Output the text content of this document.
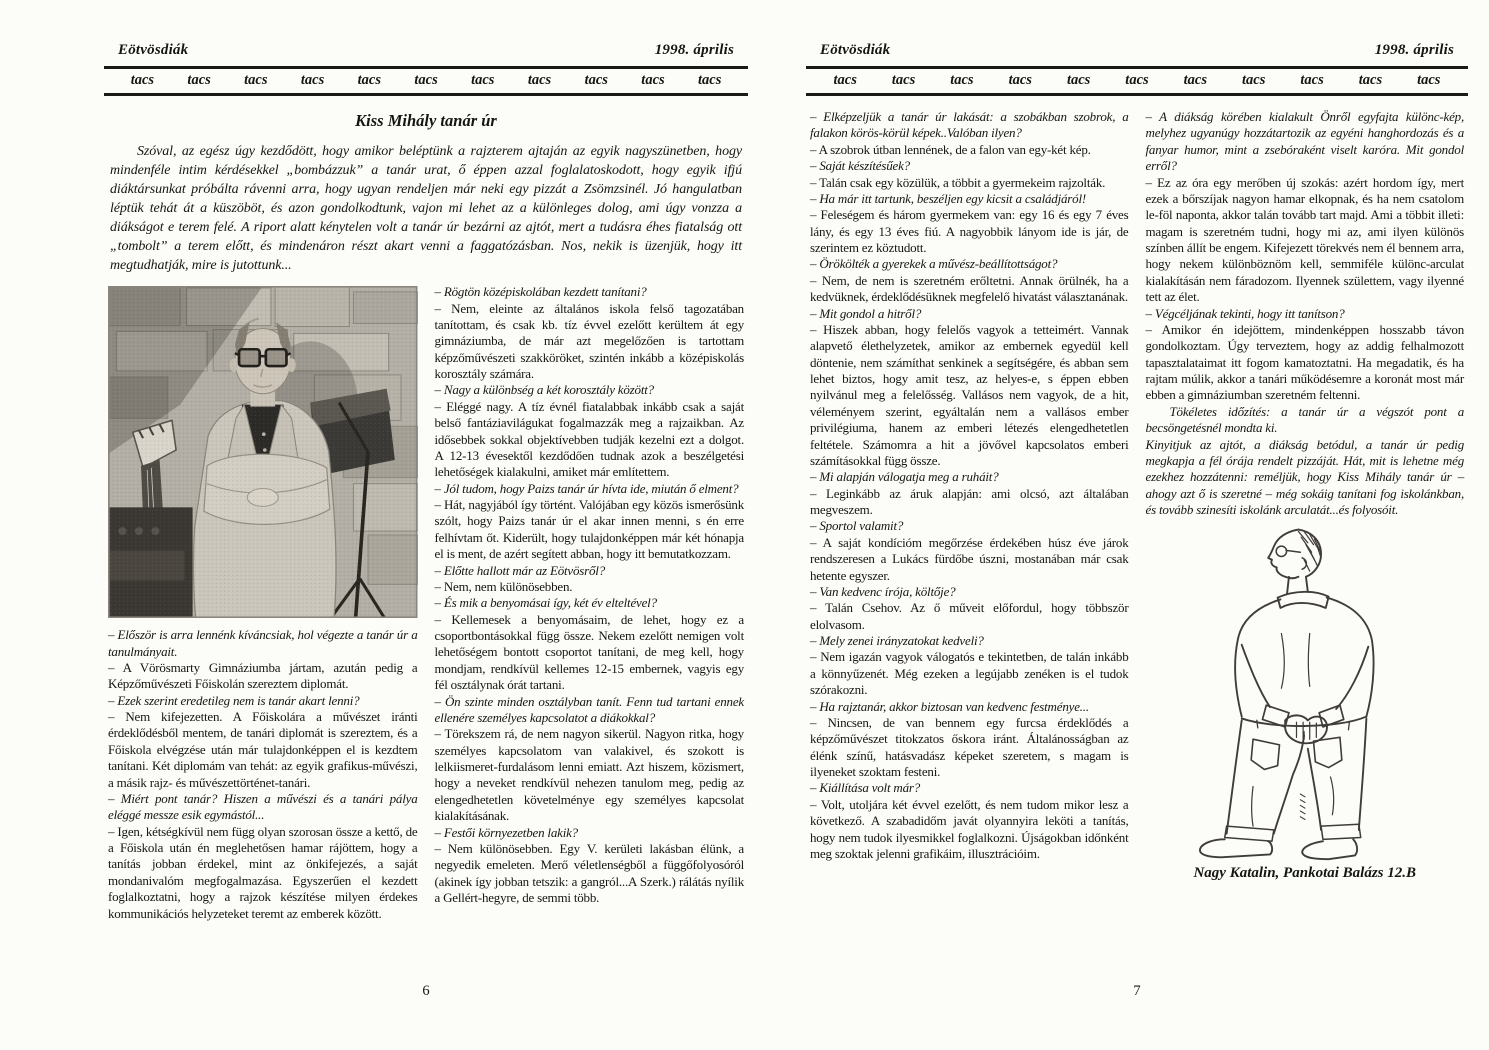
Eötvösdiák	1998. április
tacs	tacs	tacs	tacs	tacs	tacs	tacs	tacs	tacs	tacs	tacs
Kiss Mihály tanár úr

Szóval, az egész úgy kezdődött, hogy amikor beléptünk a rajzterem ajtaján az egyik nagyszünetben, hogy mindenféle intim kérdésekkel „bombázzuk” a tanár urat, ő éppen azzal foglalatoskodott, hogy egyik ifjú diáktársunkat próbálta rávenni arra, hogy ugyan rendeljen már neki egy pizzát a Zsömzsinél. Jó hangulatban léptük tehát át a küszöböt, és azon gondolkodtunk, vajon mi lehet az a különleges dolog, ami úgy vonzza a diákságot e terem felé. A riport alatt kénytelen volt a tanár úr bezárni az ajtót, mert a tudásra éhes fiatalság ott „tombolt” a terem előtt, és mindenáron részt akart venni a faggatózásban. Nos, nekik is üzenjük, hogy itt megtudhatják, mire is jutottunk...

– Először is arra lennénk kíváncsiak, hol végezte a tanár úr a tanulmányait.

– A Vörösmarty Gimnáziumba jártam, azután pedig a Képzőművészeti Főiskolán szereztem diplomát.

– Ezek szerint eredetileg nem is tanár akart lenni?

– Nem kifejezetten. A Főiskolára a művészet iránti érdeklődésből mentem, de tanári diplomát is szereztem, és a Főiskola elvégzése után már tulajdonképpen el is kezdtem tanítani. Két diplomám van tehát: az egyik grafikus-művészi, a másik rajz- és művészettörténet-tanári.

– Miért pont tanár? Hiszen a művészi és a tanári pálya eléggé messze esik egymástól...

– Igen, kétségkívül nem függ olyan szorosan össze a kettő, de a Főiskola után én meglehetősen hamar rájöttem, hogy a tanítás jobban érdekel, mint az önkifejezés, a saját mondanivalóm megfogalmazása. Egyszerűen el kezdett foglalkoztatni, hogy a rajzok készítése milyen érdekes kommunikációs helyzeteket teremt az emberek között.

– Rögtön középiskolában kezdett tanítani?

– Nem, eleinte az általános iskola felső tagozatában tanítottam, és csak kb. tíz évvel ezelőtt kerültem át egy gimnáziumba, de már azt megelőzően is tartottam képzőművészeti szakköröket, szintén inkább a középiskolás korosztály számára.

– Nagy a különbség a két korosztály között?

– Eléggé nagy. A tíz évnél fiatalabbak inkább csak a saját belső fantáziavilágukat fogalmazzák meg a rajzaikban. Az idősebbek sokkal objektívebben tudják kezelni ezt a dolgot. A 12-13 évesektől kezdődően tudnak azok a beszélgetési lehetőségek kialakulni, amiket már említettem.

– Jól tudom, hogy Paizs tanár úr hívta ide, miután ő elment?

– Hát, nagyjából így történt. Valójában egy közös ismerősünk szólt, hogy Paizs tanár úr el akar innen menni, s én erre felhívtam őt. Kiderült, hogy tulajdonképpen már két hónapja el is ment, de azért segített abban, hogy itt bemutatkozzam.

– Előtte hallott már az Eötvösről?

– Nem, nem különösebben.

– És mik a benyomásai így, két év elteltével?

– Kellemesek a benyomásaim, de lehet, hogy ez a csoportbontásokkal függ össze. Nekem ezelőtt nemigen volt lehetőségem bontott csoportot tanítani, de meg kell, hogy mondjam, rendkívül kellemes 12-15 embernek, vagyis egy fél osztálynak órát tartani.

– Ön szinte minden osztályban tanít. Fenn tud tartani ennek ellenére személyes kapcsolatot a diákokkal?

– Törekszem rá, de nem nagyon sikerül. Nagyon ritka, hogy személyes kapcsolatom van valakivel, és szokott is lelkiismeret-furdalásom lenni emiatt. Azt hiszem, közismert, hogy a neveket rendkívül nehezen tanulom meg, pedig az elengedhetetlen követelménye egy személyes kapcsolat kialakításának.

– Festői környezetben lakik?

– Nem különösebben. Egy V. kerületi lakásban élünk, a negyedik emeleten. Merő véletlenségből a függőfolyosóról (akinek így jobban tetszik: a gangról...A Szerk.) rálátás nyílik a Gellért-hegyre, de semmi több.

6
Eötvösdiák	1998. április
tacs	tacs	tacs	tacs	tacs	tacs	tacs	tacs	tacs	tacs	tacs

– Elképzeljük a tanár úr lakását: a szobákban szobrok, a falakon körös-körül képek..Valóban ilyen?

– A szobrok útban lennének, de a falon van egy-két kép.

– Saját készítésűek?

– Talán csak egy közülük, a többit a gyermekeim rajzolták.

– Ha már itt tartunk, beszéljen egy kicsit a családjáról!

– Feleségem és három gyermekem van: egy 16 és egy 7 éves lány, és egy 13 éves fiú. A nagyobbik lányom ide is jár, de szerintem ez köztudott.

– Örökölték a gyerekek a művész-beállítottságot?

– Nem, de nem is szeretném erőltetni. Annak örülnék, ha a kedvüknek, érdeklődésüknek megfelelő hivatást választanának.

– Mit gondol a hitről?

– Hiszek abban, hogy felelős vagyok a tetteimért. Vannak alapvető élethelyzetek, amikor az embernek egyedül kell döntenie, nem számíthat senkinek a segítségére, és abban sem lehet biztos, hogy amit tesz, az helyes-e, s éppen ebben nyilvánul meg a felelősség. Vallásos nem vagyok, de a hit, véleményem szerint, egyáltalán nem a vallásos ember privilégiuma, hanem az emberi létezés elengedhetetlen feltétele. Számomra a hit a jövővel kapcsolatos emberi számításokkal függ össze.

– Mi alapján válogatja meg a ruháit?

– Leginkább az áruk alapján: ami olcsó, azt általában megveszem.

– Sportol valamit?

– A saját kondícióm megőrzése érdekében húsz éve járok rendszeresen a Lukács fürdőbe úszni, mostanában már csak hetente egyszer.

– Van kedvenc írója, költője?

– Talán Csehov. Az ő műveit előfordul, hogy többször elolvasom.

– Mely zenei irányzatokat kedveli?

– Nem igazán vagyok válogatós e tekintetben, de talán inkább a könnyűzenét. Még ezeken a legújabb zenéken is el tudok szórakozni.

– Ha rajztanár, akkor biztosan van kedvenc festménye...

– Nincsen, de van bennem egy furcsa érdeklődés a képzőművészet titokzatos őskora iránt. Általánosságban az élénk színű, hatásvadász képeket szeretem, s magam is ilyeneket szoktam festeni.

– Kiállítása volt már?

– Volt, utoljára két évvel ezelőtt, és nem tudom mikor lesz a következő. A szabadidőm javát olyannyira leköti a tanítás, hogy nem tudok ilyesmikkel foglalkozni. Újságokban időnként meg szoktak jelenni grafikáim, illusztrációim.

– A diákság körében kialakult Önről egyfajta különc-kép, melyhez ugyanúgy hozzátartozik az egyéni hanghordozás és a fanyar humor, mint a zsebóraként viselt karóra. Mit gondol erről?

– Ez az óra egy merőben új szokás: azért hordom így, mert ezek a bőrszíjak nagyon hamar elkopnak, és ha nem csatolom le-föl naponta, akkor talán tovább tart majd. Ami a többit illeti: magam is szeretném tudni, hogy mi az, ami ilyen különös színben állít be engem. Kifejezett törekvés nem él bennem arra, hogy nekem különböznöm kell, semmiféle különc-arculat kialakításán nem fáradozom. Ilyennek születtem, vagy ilyenné tett az élet.

– Végcéljának tekinti, hogy itt tanítson?

– Amikor én idejöttem, mindenképpen hosszabb távon gondolkoztam. Úgy terveztem, hogy az addig felhalmozott tapasztalataimat itt fogom kamatoztatni. Ha megadatik, és ha rajtam múlik, akkor a tanári működésemre a koronát most már ebben a gimnáziumban szeretném feltenni.

Tökéletes időzítés: a tanár úr a végszót pont a becsöngetésnél mondta ki.

Kinyitjuk az ajtót, a diákság betódul, a tanár úr pedig megkapja a fél órája rendelt pizzáját. Hát, mit is lehetne még ezekhez hozzátenni: reméljük, hogy Kiss Mihály tanár úr – ahogy azt ő is szeretné – még sokáig tanítani fog iskolánkban, és tovább szinesíti iskolánk arculatát...és folyosóit.

Nagy Katalin, Pankotai Balázs 12.B

7
